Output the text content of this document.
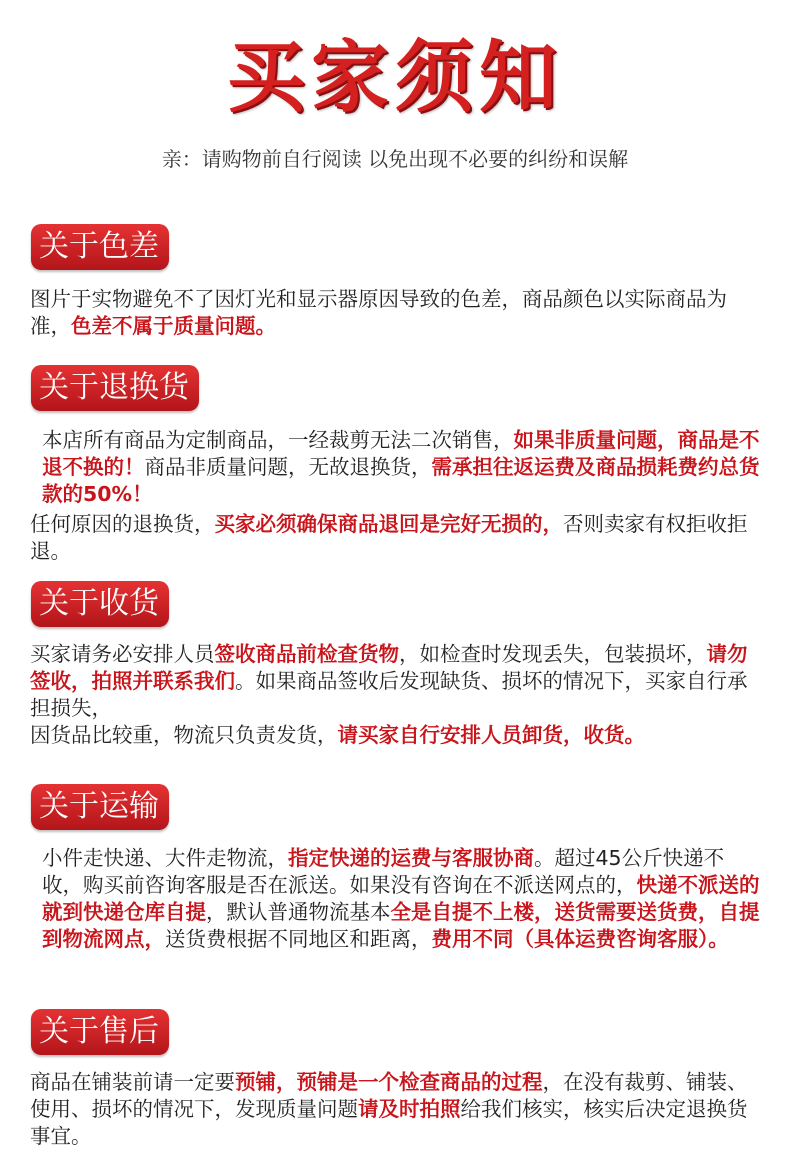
买家须知
亲：请购物前自行阅读 以免出现不必要的纠纷和误解
关于色差

图片于实物避免不了因灯光和显示器原因导致的色差，商品颜色以实际商品为准，色差不属于质量问题。

关于退换货

本店所有商品为定制商品，一经裁剪无法二次销售，如果非质量问题，商品是不退不换的！商品非质量问题，无故退换货，需承担往返运费及商品损耗费约总货款的50%！

任何原因的退换货，买家必须确保商品退回是完好无损的，否则卖家有权拒收拒退。

关于收货

买家请务必安排人员签收商品前检查货物，如检查时发现丢失，包装损坏，请勿签收，拍照并联系我们。如果商品签收后发现缺货、损坏的情况下，买家自行承担损失，

因货品比较重，物流只负责发货，请买家自行安排人员卸货，收货。

关于运输

小件走快递、大件走物流，指定快递的运费与客服协商。超过45公斤快递不收，购买前咨询客服是否在派送。如果没有咨询在不派送网点的，快递不派送的就到快递仓库自提，默认普通物流基本全是自提不上楼，送货需要送货费，自提到物流网点，送货费根据不同地区和距离，费用不同（具体运费咨询客服）。

关于售后

商品在铺装前请一定要预铺，预铺是一个检查商品的过程，在没有裁剪、铺装、使用、损坏的情况下，发现质量问题请及时拍照给我们核实，核实后决定退换货事宜。
